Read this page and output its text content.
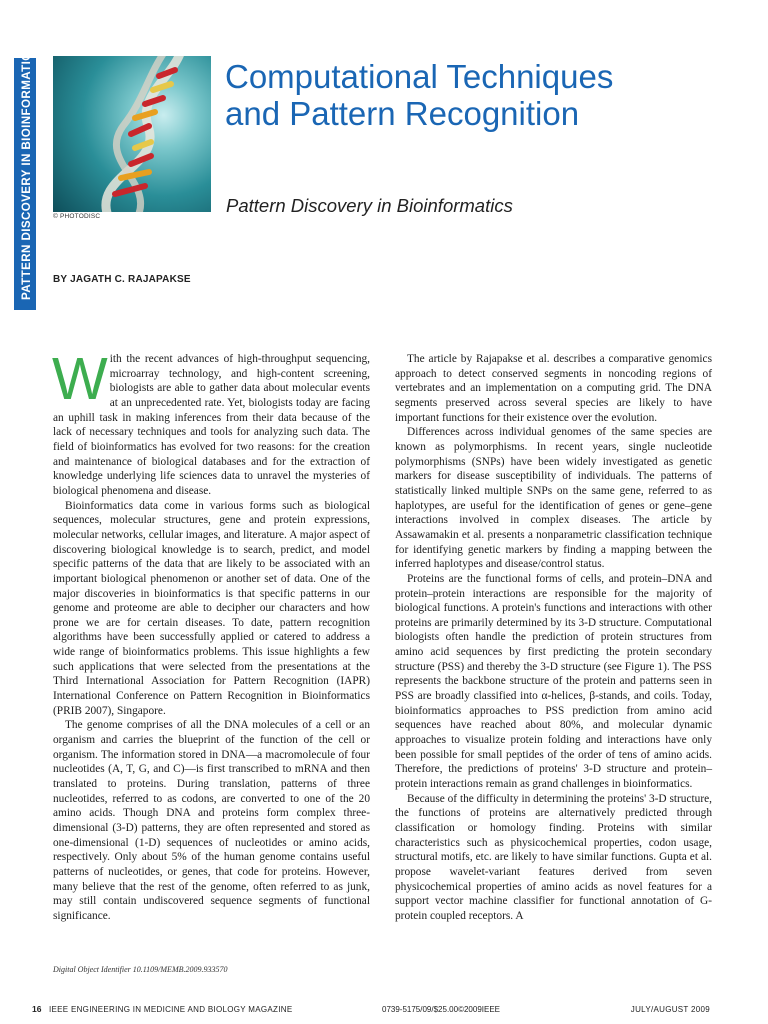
PATTERN DISCOVERY IN BIOINFORMATICS	© PHOTODISC
Computational Techniques
and Pattern Recognition
Pattern Discovery in Bioinformatics
BY JAGATH C. RAJAPAKSE

With the recent advances of high-throughput sequencing, microarray technology, and high-content screening, biologists are able to gather data about molecular events at an unprecedented rate. Yet, biologists today are facing an uphill task in making inferences from their data because of the lack of necessary techniques and tools for analyzing such data. The field of bioinformatics has evolved for two reasons: for the creation and maintenance of biological databases and for the extraction of knowledge underlying life sciences data to unravel the mysteries of biological phenomena and disease.

Bioinformatics data come in various forms such as biological sequences, molecular structures, gene and protein expressions, molecular networks, cellular images, and literature. A major aspect of discovering biological knowledge is to search, predict, and model specific patterns of the data that are likely to be associated with an important biological phenomenon or another set of data. One of the major discoveries in bioinformatics is that specific patterns in our genome and proteome are able to decipher our characters and how prone we are for certain diseases. To date, pattern recognition algorithms have been successfully applied or catered to address a wide range of bioinformatics problems. This issue highlights a few such applications that were selected from the presentations at the Third International Association for Pattern Recognition (IAPR) International Conference on Pattern Recognition in Bioinformatics (PRIB 2007), Singapore.

The genome comprises of all the DNA molecules of a cell or an organism and carries the blueprint of the function of the cell or organism. The information stored in DNA—a macromolecule of four nucleotides (A, T, G, and C)—is first transcribed to mRNA and then translated to proteins. During translation, patterns of three nucleotides, referred to as codons, are converted to one of the 20 amino acids. Though DNA and proteins form complex three-dimensional (3-D) patterns, they are often represented and stored as one-dimensional (1-D) sequences of nucleotides or amino acids, respectively. Only about 5% of the human genome contains useful patterns of nucleotides, or genes, that code for proteins. However, many believe that the rest of the genome, often referred to as junk, may still contain undiscovered sequence segments of functional significance.

The article by Rajapakse et al. describes a comparative genomics approach to detect conserved segments in noncoding regions of vertebrates and an implementation on a computing grid. The DNA segments preserved across several species are likely to have important functions for their existence over the evolution.

Differences across individual genomes of the same species are known as polymorphisms. In recent years, single nucleotide polymorphisms (SNPs) have been widely investigated as genetic markers for disease susceptibility of individuals. The patterns of statistically linked multiple SNPs on the same gene, referred to as haplotypes, are useful for the identification of genes or gene–gene interactions involved in complex diseases. The article by Assawamakin et al. presents a nonparametric classification technique for identifying genetic markers by finding a mapping between the inferred haplotypes and disease/control status.

Proteins are the functional forms of cells, and protein–DNA and protein–protein interactions are responsible for the majority of biological functions. A protein's functions and interactions with other proteins are primarily determined by its 3-D structure. Computational biologists often handle the prediction of protein structures from amino acid sequences by first predicting the protein secondary structure (PSS) and thereby the 3-D structure (see Figure 1). The PSS represents the backbone structure of the protein and patterns seen in PSS are broadly classified into α-helices, β-stands, and coils. Today, bioinformatics approaches to PSS prediction from amino acid sequences have reached about 80%, and molecular dynamic approaches to visualize protein folding and interactions have only been possible for small peptides of the order of tens of amino acids. Therefore, the predictions of proteins' 3-D structure and protein–protein interactions remain as grand challenges in bioinformatics.

Because of the difficulty in determining the proteins' 3-D structure, the functions of proteins are alternatively predicted through classification or homology finding. Proteins with similar characteristics such as physicochemical properties, codon usage, structural motifs, etc. are likely to have similar functions. Gupta et al. propose wavelet-variant features derived from seven physicochemical properties of amino acids as novel features for a support vector machine classifier for functional annotation of G-protein coupled receptors. A

Digital Object Identifier 10.1109/MEMB.2009.933570
16 IEEE ENGINEERING IN MEDICINE AND BIOLOGY MAGAZINE	0739-5175/09/$25.00©2009IEEE	JULY/AUGUST 2009
